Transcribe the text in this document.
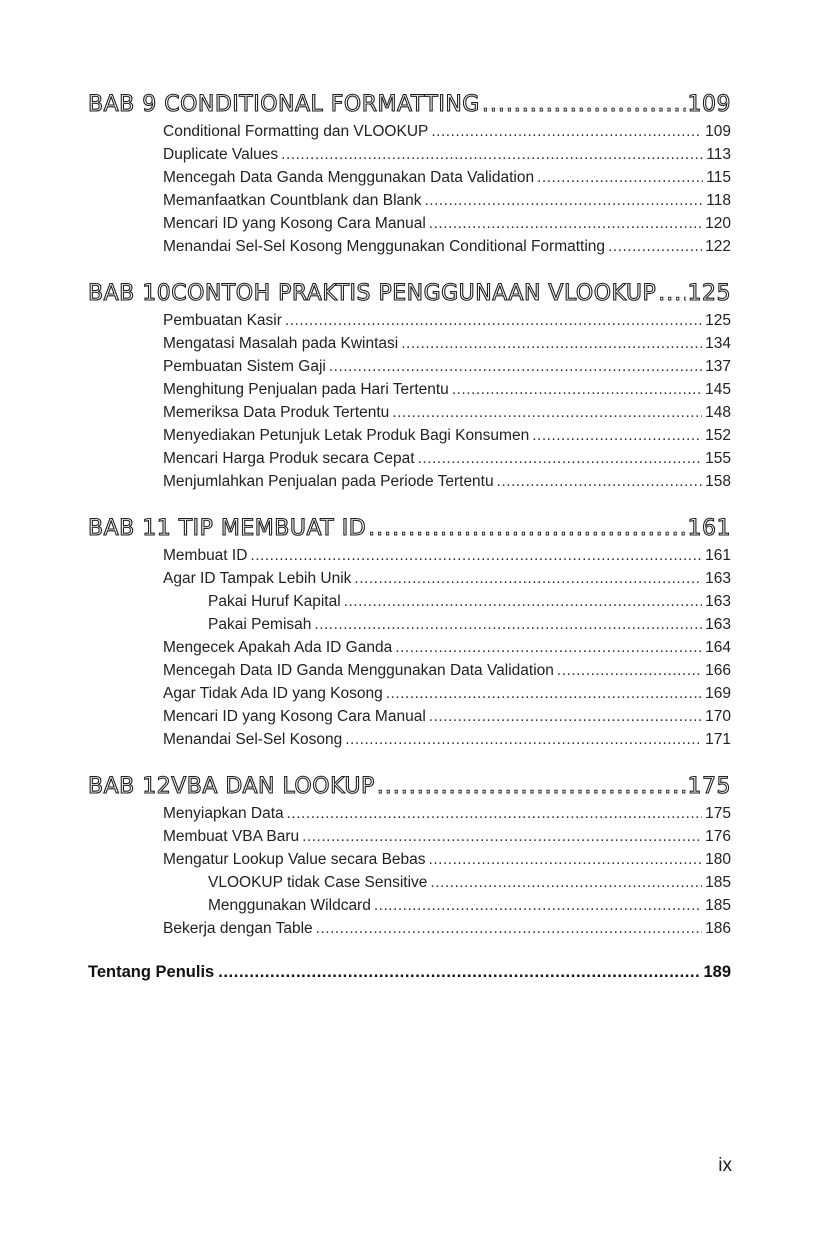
BAB 9 CONDITIONAL FORMATTING . . .	109
Conditional Formatting dan VLOOKUP .....	109
Duplicate Values .....	113
Mencegah Data Ganda Menggunakan Data Validation .....	115
Memanfaatkan Countblank dan Blank .....	118
Mencari ID yang Kosong Cara Manual .....	120
Menandai Sel-Sel Kosong Menggunakan Conditional Formatting .....	122
BAB 10CONTOH PRAKTIS PENGGUNAAN VLOOKUP . . . 125
Pembuatan Kasir .....	125
Mengatasi Masalah pada Kwintasi .....	134
Pembuatan Sistem Gaji .....	137
Menghitung Penjualan pada Hari Tertentu .....	145
Memeriksa Data Produk Tertentu .....	148
Menyediakan Petunjuk Letak Produk Bagi Konsumen .....	152
Mencari Harga Produk secara Cepat .....	155
Menjumlahkan Penjualan pada Periode Tertentu .....	158
BAB 11 TIP MEMBUAT ID . . .	161
Membuat ID .....	161
Agar ID Tampak Lebih Unik .....	163
Pakai Huruf Kapital .....	163
Pakai Pemisah .....	163
Mengecek Apakah Ada ID Ganda .....	164
Mencegah Data ID Ganda Menggunakan Data Validation .....	166
Agar Tidak Ada ID yang Kosong .....	169
Mencari ID yang Kosong Cara Manual .....	170
Menandai Sel-Sel Kosong .....	171
BAB 12VBA DAN LOOKUP . . .	175
Menyiapkan Data .....	175
Membuat VBA Baru .....	176
Mengatur Lookup Value secara Bebas .....	180
VLOOKUP tidak Case Sensitive .....	185
Menggunakan Wildcard .....	185
Bekerja dengan Table .....	186
Tentang Penulis .....	189
ix
